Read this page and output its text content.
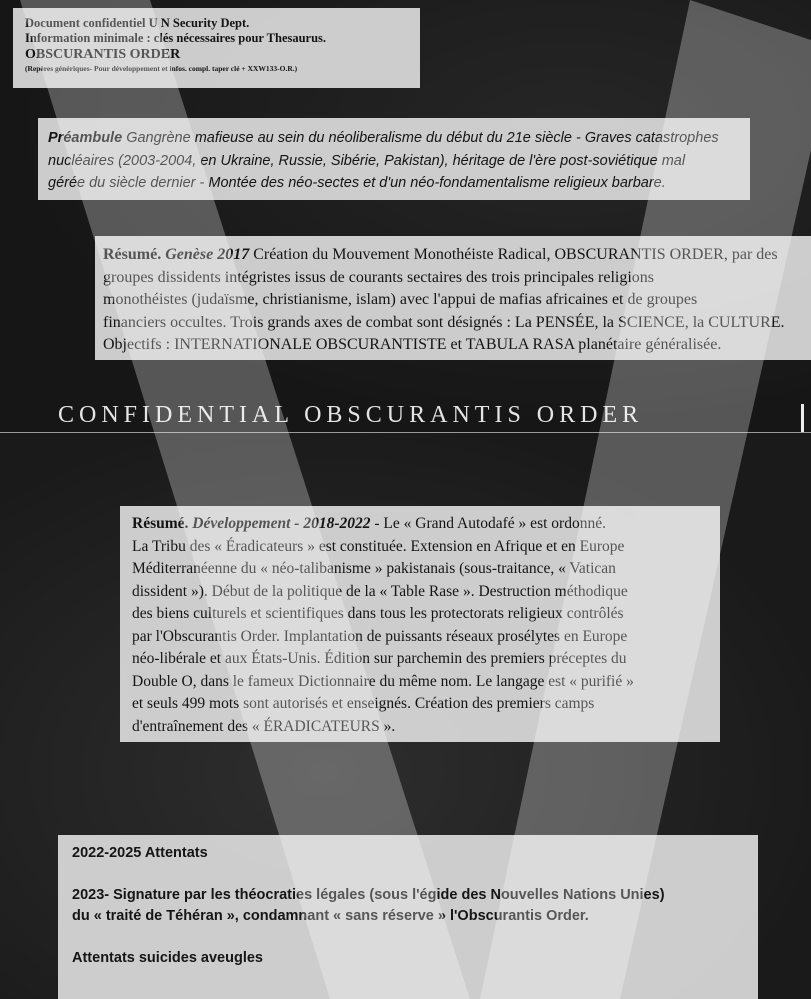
Document confidentiel U N Security Dept.

Information minimale : clés nécessaires pour Thesaurus.

OBSCURANTIS ORDER

(Repères génériques- Pour développement et infos. compl. taper clé + XXW133-O.R.)

Préambule Gangrène mafieuse au sein du néoliberalisme du début du 21e siècle - Graves catastrophes

nucléaires (2003-2004, en Ukraine, Russie, Sibérie, Pakistan), héritage de l'ère post-soviétique mal

gérée du siècle dernier - Montée des néo-sectes et d'un néo-fondamentalisme religieux barbare.

Résumé. Genèse 2017 Création du Mouvement Monothéiste Radical, OBSCURANTIS ORDER, par des

groupes dissidents intégristes issus de courants sectaires des trois principales religions

monothéistes (judaïsme, christianisme, islam) avec l'appui de mafias africaines et de groupes

financiers occultes. Trois grands axes de combat sont désignés : La PENSÉE, la SCIENCE, la CULTURE.

Objectifs : INTERNATIONALE OBSCURANTISTE et TABULA RASA planétaire généralisée.

CONFIDENTIAL OBSCURANTIS ORDER

Résumé. Développement - 2018-2022 - Le « Grand Autodafé » est ordonné.

La Tribu des « Éradicateurs » est constituée. Extension en Afrique et en Europe

Méditerranéenne du « néo-talibanisme » pakistanais (sous-traitance, « Vatican

dissident »). Début de la politique de la « Table Rase ». Destruction méthodique

des biens culturels et scientifiques dans tous les protectorats religieux contrôlés

par l'Obscurantis Order. Implantation de puissants réseaux prosélytes en Europe

néo-libérale et aux États-Unis. Édition sur parchemin des premiers préceptes du

Double O, dans le fameux Dictionnaire du même nom. Le langage est « purifié »

et seuls 499 mots sont autorisés et enseignés. Création des premiers camps

d'entraînement des « ÉRADICATEURS ».

2022-2025 Attentats

2023- Signature par les théocraties légales (sous l'égide des Nouvelles Nations Unies)

du « traité de Téhéran », condamnant « sans réserve » l'Obscurantis Order.

Attentats suicides aveugles
